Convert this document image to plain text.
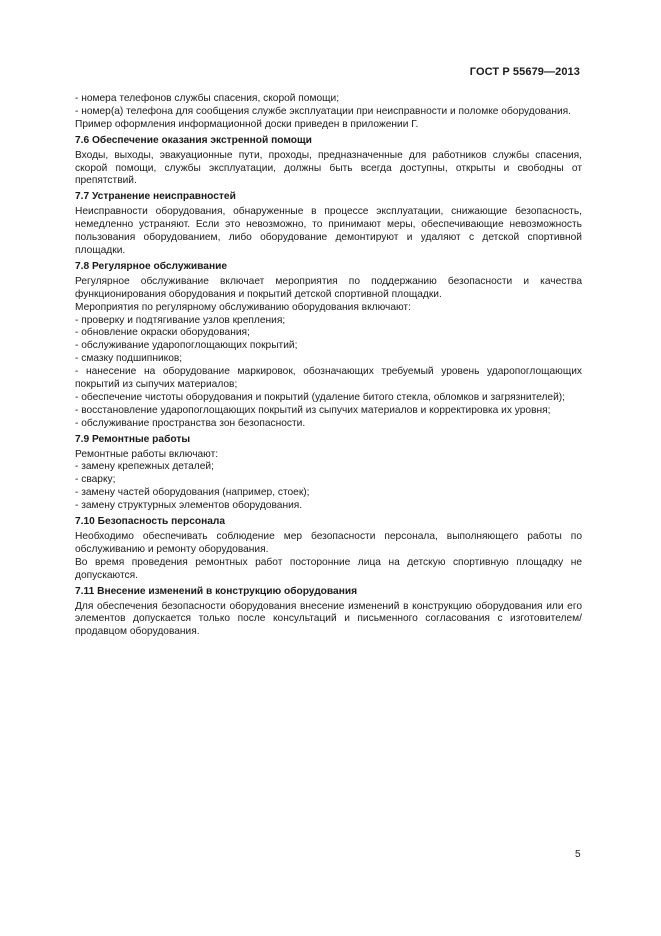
ГОСТ Р 55679—2013

- номера телефонов службы спасения, скорой помощи;

- номер(а) телефона для сообщения службе эксплуатации при неисправности и поломке оборудования.

Пример оформления информационной доски приведен в приложении Г.

7.6 Обеспечение оказания экстренной помощи

Входы, выходы, эвакуационные пути, проходы, предназначенные для работников службы спасения, скорой помощи, службы эксплуатации, должны быть всегда доступны, открыты и свободны от препятствий.

7.7 Устранение неисправностей

Неисправности оборудования, обнаруженные в процессе эксплуатации, снижающие безопасность, немедленно устраняют. Если это невозможно, то принимают меры, обеспечивающие невозможность пользования оборудованием, либо оборудование демонтируют и удаляют с детской спортивной площадки.

7.8 Регулярное обслуживание

Регулярное обслуживание включает мероприятия по поддержанию безопасности и качества функционирования оборудования и покрытий детской спортивной площадки.

Мероприятия по регулярному обслуживанию оборудования включают:

- проверку и подтягивание узлов крепления;

- обновление окраски оборудования;

- обслуживание ударопоглощающих покрытий;

- смазку подшипников;

- нанесение на оборудование маркировок, обозначающих требуемый уровень ударопоглощающих покрытий из сыпучих материалов;

- обеспечение чистоты оборудования и покрытий (удаление битого стекла, обломков и загрязнителей);

- восстановление ударопоглощающих покрытий из сыпучих материалов и корректировка их уровня;

- обслуживание пространства зон безопасности.

7.9 Ремонтные работы

Ремонтные работы включают:

- замену крепежных деталей;

- сварку;

- замену частей оборудования (например, стоек);

- замену структурных элементов оборудования.

7.10 Безопасность персонала

Необходимо обеспечивать соблюдение мер безопасности персонала, выполняющего работы по обслуживанию и ремонту оборудования.

Во время проведения ремонтных работ посторонние лица на детскую спортивную площадку не допускаются.

7.11 Внесение изменений в конструкцию оборудования

Для обеспечения безопасности оборудования внесение изменений в конструкцию оборудования или его элементов допускается только после консультаций и письменного согласования с изготовителем/продавцом оборудования.

5
